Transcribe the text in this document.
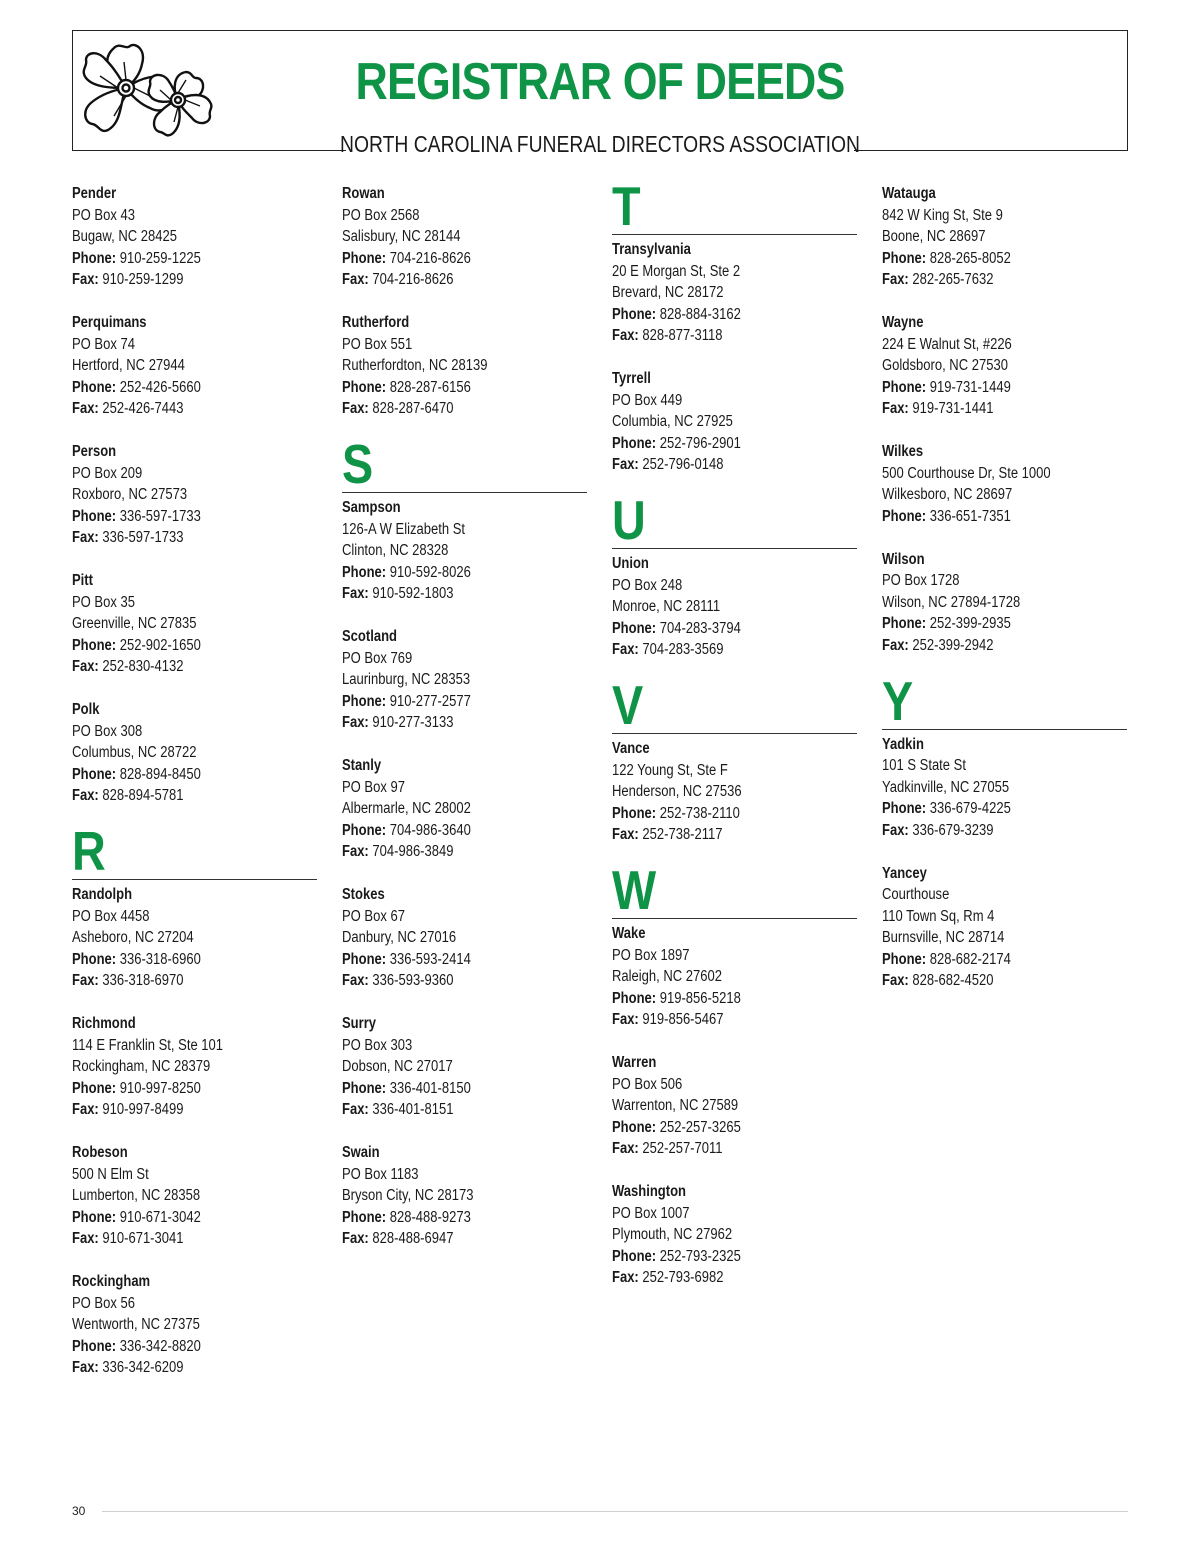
REGISTRAR OF DEEDS
NORTH CAROLINA FUNERAL DIRECTORS ASSOCIATION
Pender
PO Box 43
Bugaw, NC 28425
Phone: 910-259-1225
Fax: 910-259-1299
Perquimans
PO Box 74
Hertford, NC 27944
Phone: 252-426-5660
Fax: 252-426-7443
Person
PO Box 209
Roxboro, NC 27573
Phone: 336-597-1733
Fax: 336-597-1733
Pitt
PO Box 35
Greenville, NC 27835
Phone: 252-902-1650
Fax: 252-830-4132
Polk
PO Box 308
Columbus, NC 28722
Phone: 828-894-8450
Fax: 828-894-5781
R
Randolph
PO Box 4458
Asheboro, NC 27204
Phone: 336-318-6960
Fax: 336-318-6970
Richmond
114 E Franklin St, Ste 101
Rockingham, NC 28379
Phone: 910-997-8250
Fax: 910-997-8499
Robeson
500 N Elm St
Lumberton, NC 28358
Phone: 910-671-3042
Fax: 910-671-3041
Rockingham
PO Box 56
Wentworth, NC 27375
Phone: 336-342-8820
Fax: 336-342-6209
Rowan
PO Box 2568
Salisbury, NC 28144
Phone: 704-216-8626
Fax: 704-216-8626
Rutherford
PO Box 551
Rutherfordton, NC 28139
Phone: 828-287-6156
Fax: 828-287-6470
S
Sampson
126-A W Elizabeth St
Clinton, NC 28328
Phone: 910-592-8026
Fax: 910-592-1803
Scotland
PO Box 769
Laurinburg, NC 28353
Phone: 910-277-2577
Fax: 910-277-3133
Stanly
PO Box 97
Albermarle, NC 28002
Phone: 704-986-3640
Fax: 704-986-3849
Stokes
PO Box 67
Danbury, NC 27016
Phone: 336-593-2414
Fax: 336-593-9360
Surry
PO Box 303
Dobson, NC 27017
Phone: 336-401-8150
Fax: 336-401-8151
Swain
PO Box 1183
Bryson City, NC 28173
Phone: 828-488-9273
Fax: 828-488-6947
T
Transylvania
20 E Morgan St, Ste 2
Brevard, NC 28172
Phone: 828-884-3162
Fax: 828-877-3118
Tyrrell
PO Box 449
Columbia, NC 27925
Phone: 252-796-2901
Fax: 252-796-0148
U
Union
PO Box 248
Monroe, NC 28111
Phone: 704-283-3794
Fax: 704-283-3569
V
Vance
122 Young St, Ste F
Henderson, NC 27536
Phone: 252-738-2110
Fax: 252-738-2117
W
Wake
PO Box 1897
Raleigh, NC 27602
Phone: 919-856-5218
Fax: 919-856-5467
Warren
PO Box 506
Warrenton, NC 27589
Phone: 252-257-3265
Fax: 252-257-7011
Washington
PO Box 1007
Plymouth, NC 27962
Phone: 252-793-2325
Fax: 252-793-6982
Watauga
842 W King St, Ste 9
Boone, NC 28697
Phone: 828-265-8052
Fax: 282-265-7632
Wayne
224 E Walnut St, #226
Goldsboro, NC 27530
Phone: 919-731-1449
Fax: 919-731-1441
Wilkes
500 Courthouse Dr, Ste 1000
Wilkesboro, NC 28697
Phone: 336-651-7351
Wilson
PO Box 1728
Wilson, NC 27894-1728
Phone: 252-399-2935
Fax: 252-399-2942
Y
Yadkin
101 S State St
Yadkinville, NC 27055
Phone: 336-679-4225
Fax: 336-679-3239
Yancey
Courthouse
110 Town Sq, Rm 4
Burnsville, NC 28714
Phone: 828-682-2174
Fax: 828-682-4520
30
